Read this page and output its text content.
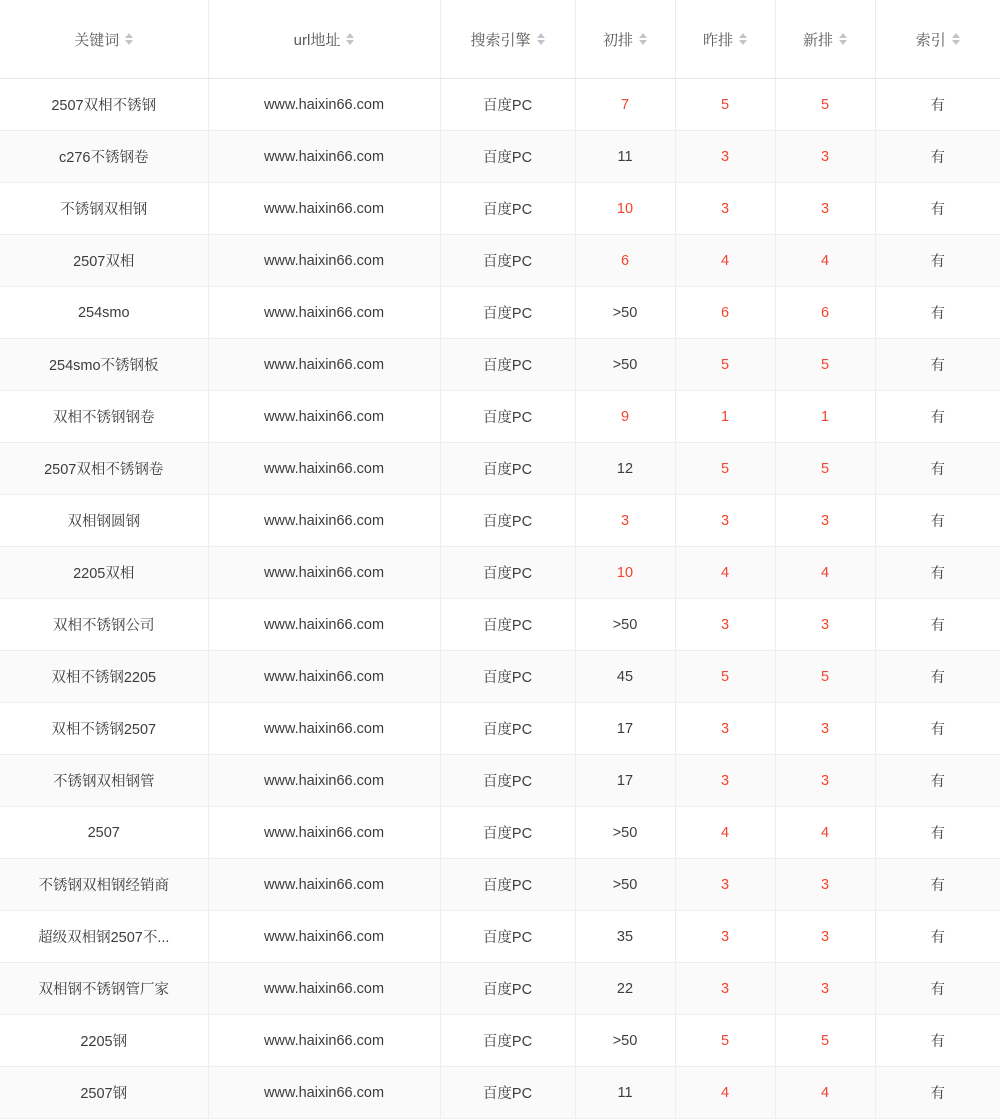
关键词	url地址	搜索引擎	初排	昨排	新排	索引

2507双相不锈钢	www.haixin66.com	百度PC	7	5	5	有
c276不锈钢卷	www.haixin66.com	百度PC	11	3	3	有
不锈钢双相钢	www.haixin66.com	百度PC	10	3	3	有
2507双相	www.haixin66.com	百度PC	6	4	4	有
254smo	www.haixin66.com	百度PC	>50	6	6	有
254smo不锈钢板	www.haixin66.com	百度PC	>50	5	5	有
双相不锈钢钢卷	www.haixin66.com	百度PC	9	1	1	有
2507双相不锈钢卷	www.haixin66.com	百度PC	12	5	5	有
双相钢圆钢	www.haixin66.com	百度PC	3	3	3	有
2205双相	www.haixin66.com	百度PC	10	4	4	有
双相不锈钢公司	www.haixin66.com	百度PC	>50	3	3	有
双相不锈钢2205	www.haixin66.com	百度PC	45	5	5	有
双相不锈钢2507	www.haixin66.com	百度PC	17	3	3	有
不锈钢双相钢管	www.haixin66.com	百度PC	17	3	3	有
2507	www.haixin66.com	百度PC	>50	4	4	有
不锈钢双相钢经销商	www.haixin66.com	百度PC	>50	3	3	有
超级双相钢2507不...	www.haixin66.com	百度PC	35	3	3	有
双相钢不锈钢管厂家	www.haixin66.com	百度PC	22	3	3	有
2205钢	www.haixin66.com	百度PC	>50	5	5	有
2507钢	www.haixin66.com	百度PC	11	4	4	有
